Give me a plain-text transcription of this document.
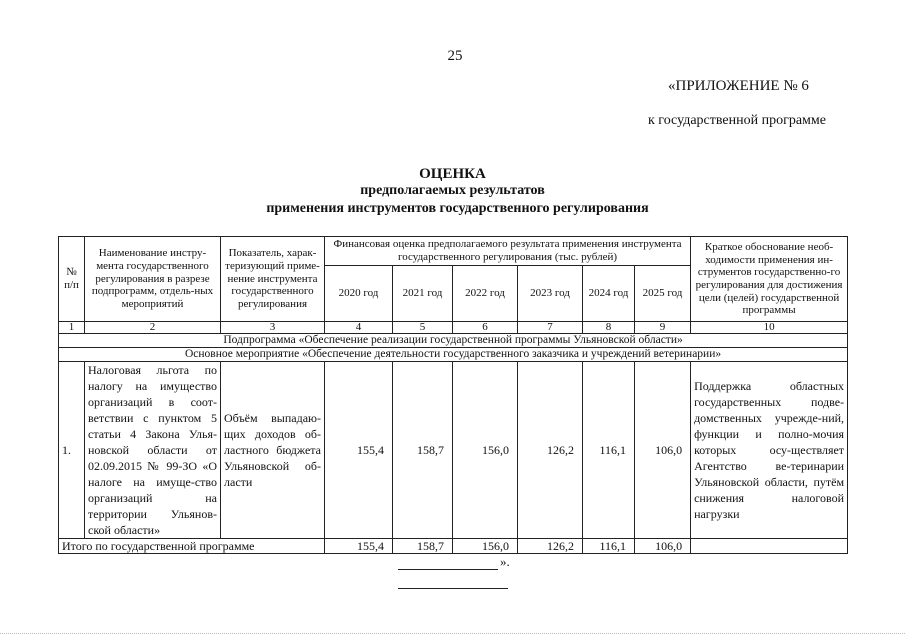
25
«ПРИЛОЖЕНИЕ № 6
к государственной программе
ОЦЕНКА
предполагаемых результатов
применения инструментов государственного регулирования
№ п/п	Наименование инстру-мента государственного регулирования в разрезе подпрограмм, отдель-ных мероприятий	Показатель, харак-теризующий приме-нение инструмента государственного регулирования	Финансовая оценка предполагаемого результата применения инструмента государственного регулирования (тыс. рублей)						Краткое обоснование необ-ходимости применения ин-струментов государственно-го регулирования для достижения цели (целей) государственной программы
			2020 год	2021 год	2022 год	2023 год	2024 год	2025 год	
1	2	3	4	5	6	7	8	9	10
Подпрограмма «Обеспечение реализации государственной программы Ульяновской области»									
Основное мероприятие «Обеспечение деятельности государственного заказчика и учреждений ветеринарии»									
1.	Налоговая льгота по налогу на имущество организаций в соот-ветствии с пунктом 5 статьи 4 Закона Улья-новской области от 02.09.2015 № 99-ЗО «О налоге на имуще-ство организаций на территории Ульянов-ской области»	Объём выпадаю-щих доходов об-ластного бюджета Ульяновской об-ласти	155,4	158,7	156,0	126,2	116,1	106,0	Поддержка областных государственных подве-домственных учрежде-ний, функции и полно-мочия которых осу-ществляет Агентство ве-теринарии Ульяновской области, путём снижения налоговой нагрузки
Итого по государственной программе			155,4	158,7	156,0	126,2	116,1	106,0	
».
